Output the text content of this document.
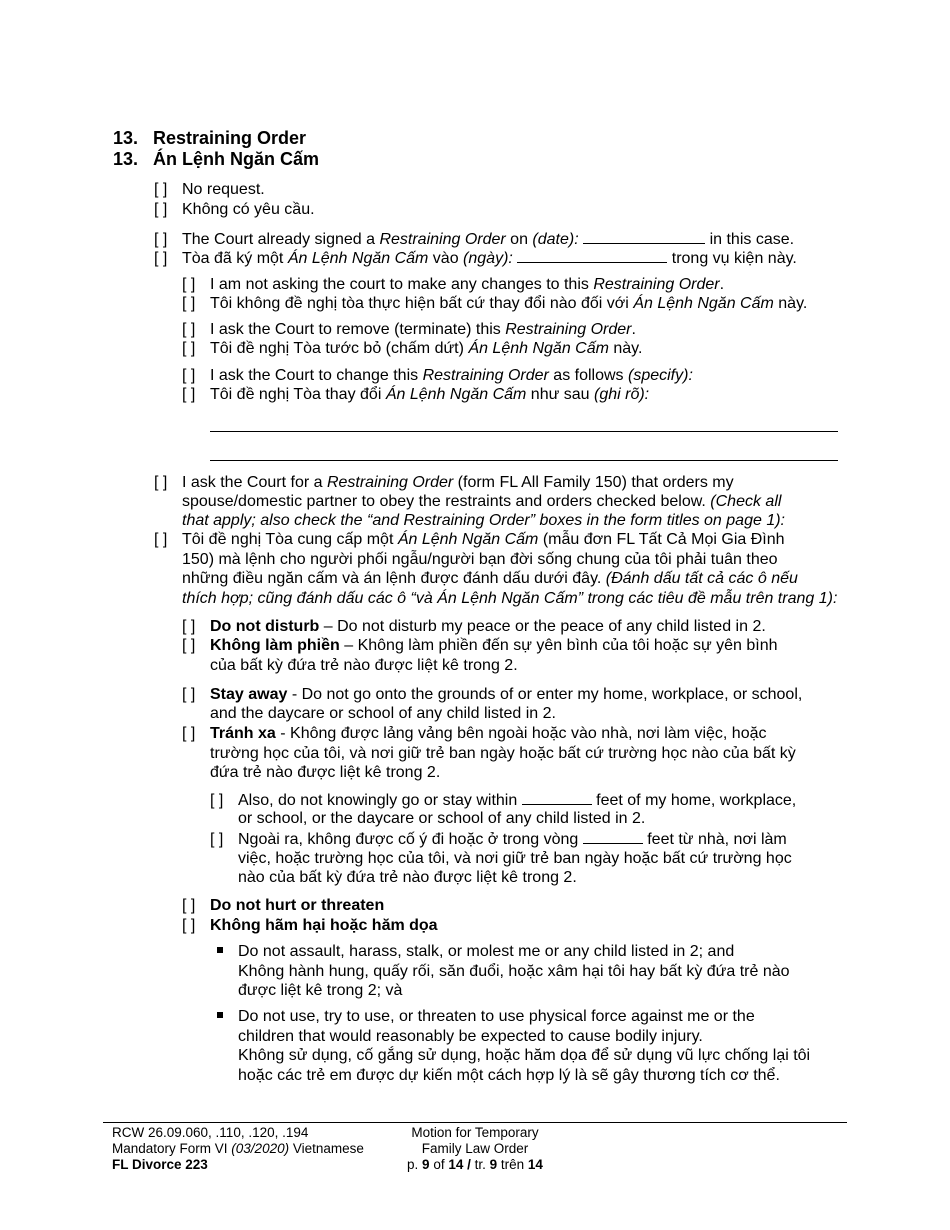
13. Restraining Order
13. Án Lệnh Ngăn Cấm
[ ] No request.
[ ] Không có yêu cầu.
[ ] The Court already signed a Restraining Order on (date):	in this case.
[ ] Tòa đã ký một Án Lệnh Ngăn Cấm vào (ngày):	trong vụ kiện này.
[ ] I am not asking the court to make any changes to this Restraining Order.
[ ] Tôi không đề nghị tòa thực hiện bất cứ thay đổi nào đối với Án Lệnh Ngăn Cấm này.
[ ] I ask the Court to remove (terminate) this Restraining Order.
[ ] Tôi đề nghị Tòa tước bỏ (chấm dứt) Án Lệnh Ngăn Cấm này.
[ ] I ask the Court to change this Restraining Order as follows (specify):
[ ] Tôi đề nghị Tòa thay đổi Án Lệnh Ngăn Cấm như sau (ghi rõ):
[ ] I ask the Court for a Restraining Order (form FL All Family 150) that orders my
spouse/domestic partner to obey the restraints and orders checked below. (Check all
that apply; also check the “and Restraining Order” boxes in the form titles on page 1):
[ ] Tôi đề nghị Tòa cung cấp một Án Lệnh Ngăn Cấm (mẫu đơn FL Tất Cả Mọi Gia Đình
150) mà lệnh cho người phối ngẫu/người bạn đời sống chung của tôi phải tuân theo
những điều ngăn cấm và án lệnh được đánh dấu dưới đây. (Đánh dấu tất cả các ô nếu
thích hợp; cũng đánh dấu các ô “và Án Lệnh Ngăn Cấm” trong các tiêu đề mẫu trên trang 1):
[ ] Do not disturb – Do not disturb my peace or the peace of any child listed in 2.
[ ] Không làm phiền – Không làm phiền đến sự yên bình của tôi hoặc sự yên bình
của bất kỳ đứa trẻ nào được liệt kê trong 2.
[ ] Stay away - Do not go onto the grounds of or enter my home, workplace, or school,
and the daycare or school of any child listed in 2.
[ ] Tránh xa - Không được lảng vảng bên ngoài hoặc vào nhà, nơi làm việc, hoặc
trường học của tôi, và nơi giữ trẻ ban ngày hoặc bất cứ trường học nào của bất kỳ
đứa trẻ nào được liệt kê trong 2.
[ ] Also, do not knowingly go or stay within	feet of my home, workplace,
or school, or the daycare or school of any child listed in 2.
[ ] Ngoài ra, không được cố ý đi hoặc ở trong vòng	feet từ nhà, nơi làm
việc, hoặc trường học của tôi, và nơi giữ trẻ ban ngày hoặc bất cứ trường học
nào của bất kỳ đứa trẻ nào được liệt kê trong 2.
[ ] Do not hurt or threaten
[ ] Không hãm hại hoặc hăm dọa
Do not assault, harass, stalk, or molest me or any child listed in 2; and
Không hành hung, quấy rối, săn đuổi, hoặc xâm hại tôi hay bất kỳ đứa trẻ nào
được liệt kê trong 2; và
Do not use, try to use, or threaten to use physical force against me or the
children that would reasonably be expected to cause bodily injury.
Không sử dụng, cố gắng sử dụng, hoặc hăm dọa để sử dụng vũ lực chống lại tôi
hoặc các trẻ em được dự kiến một cách hợp lý là sẽ gây thương tích cơ thể.
RCW 26.09.060, .110, .120, .194
Mandatory Form VI (03/2020) Vietnamese
FL Divorce 223
Motion for Temporary
Family Law Order
p. 9 of 14 / tr. 9 trên 14
